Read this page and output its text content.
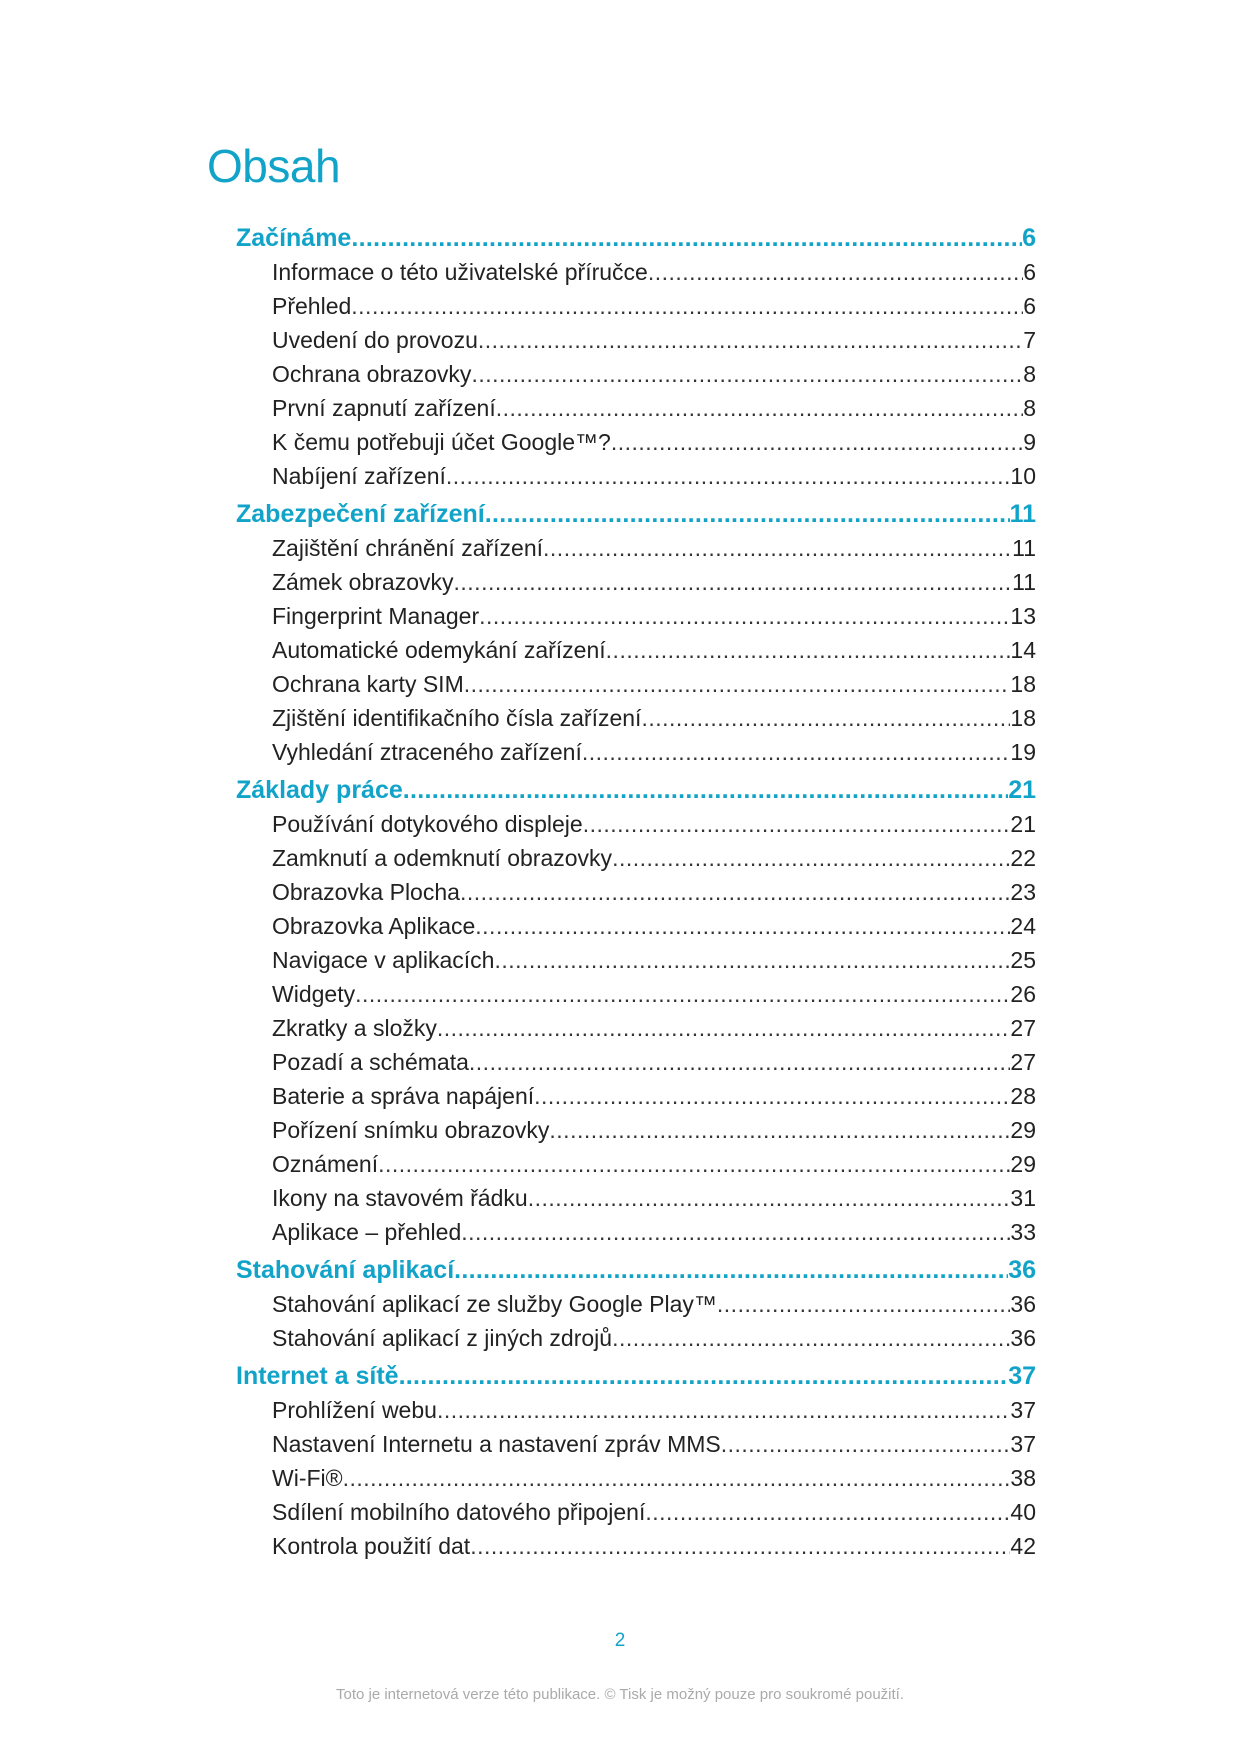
Obsah
Začínáme .....	6
Informace o této uživatelské příručce .....	6
Přehled .....	6
Uvedení do provozu .....	7
Ochrana obrazovky .....	8
První zapnutí zařízení .....	8
K čemu potřebuji účet Google™? .....	9
Nabíjení zařízení .....	10
Zabezpečení zařízení .....	11
Zajištění chránění zařízení .....	11
Zámek obrazovky .....	11
Fingerprint Manager .....	13
Automatické odemykání zařízení .....	14
Ochrana karty SIM .....	18
Zjištění identifikačního čísla zařízení .....	18
Vyhledání ztraceného zařízení .....	19
Základy práce .....	21
Používání dotykového displeje .....	21
Zamknutí a odemknutí obrazovky .....	22
Obrazovka Plocha .....	23
Obrazovka Aplikace .....	24
Navigace v aplikacích .....	25
Widgety .....	26
Zkratky a složky .....	27
Pozadí a schémata .....	27
Baterie a správa napájení .....	28
Pořízení snímku obrazovky .....	29
Oznámení .....	29
Ikony na stavovém řádku .....	31
Aplikace – přehled .....	33
Stahování aplikací .....	36
Stahování aplikací ze služby Google Play™ .....	36
Stahování aplikací z jiných zdrojů .....	36
Internet a sítě .....	37
Prohlížení webu .....	37
Nastavení Internetu a nastavení zpráv MMS .....	37
Wi-Fi® .....	38
Sdílení mobilního datového připojení .....	40
Kontrola použití dat .....	42
2
Toto je internetová verze této publikace. © Tisk je možný pouze pro soukromé použití.
